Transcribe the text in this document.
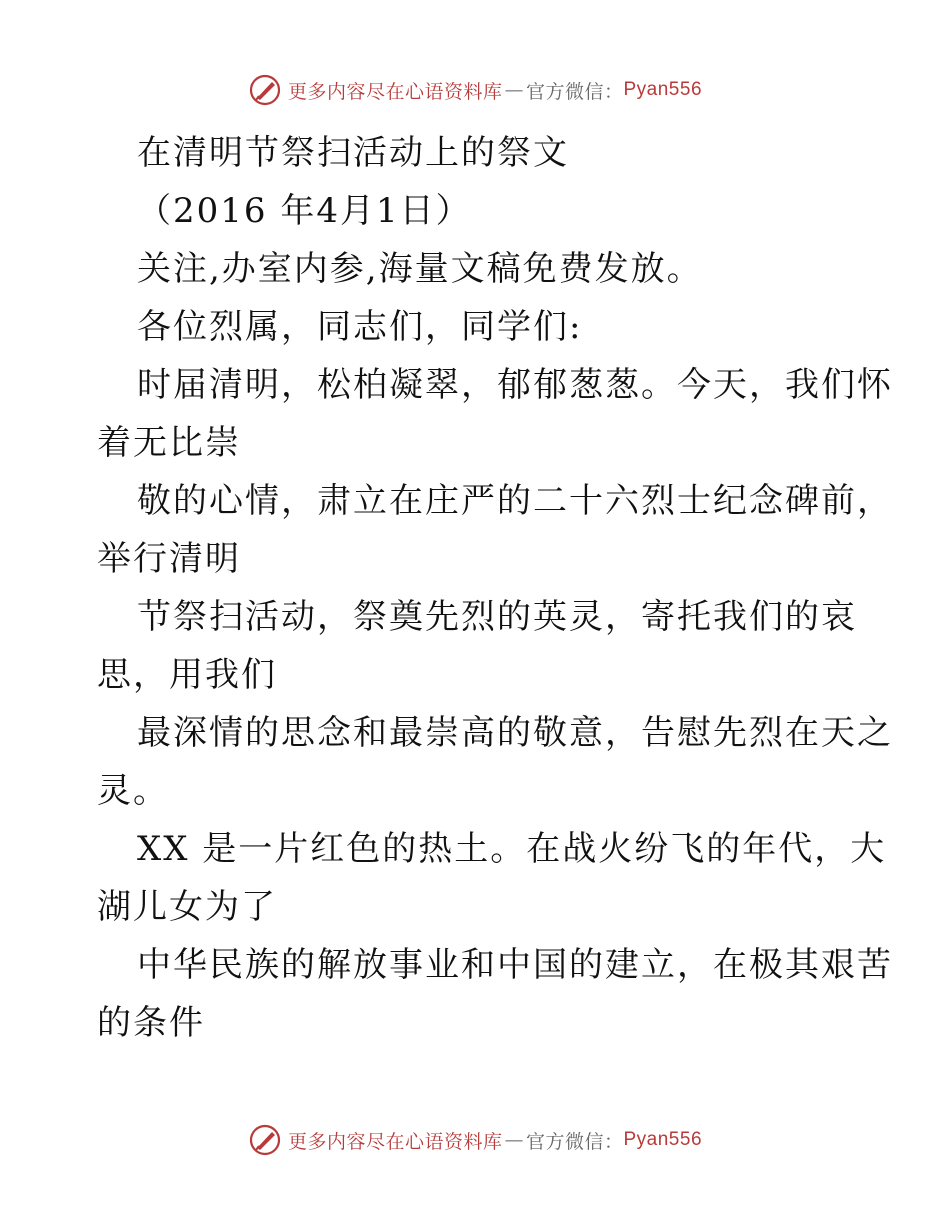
更多内容尽在心语资料库 — 官方微信： Pyan556
在清明节祭扫活动上的祭文
（2016 年4月1日）
关注,办室内参,海量文稿免费发放。
各位烈属，同志们，同学们:
时届清明，松柏凝翠，郁郁葱葱。今天，我们怀
着无比崇
敬的心情，肃立在庄严的二十六烈士纪念碑前，
举行清明
节祭扫活动，祭奠先烈的英灵，寄托我们的哀
思，用我们
最深情的思念和最崇高的敬意，告慰先烈在天之
灵。
XX 是一片红色的热土。在战火纷飞的年代，大
湖儿女为了
中华民族的解放事业和中国的建立，在极其艰苦
的条件
更多内容尽在心语资料库 — 官方微信： Pyan556
